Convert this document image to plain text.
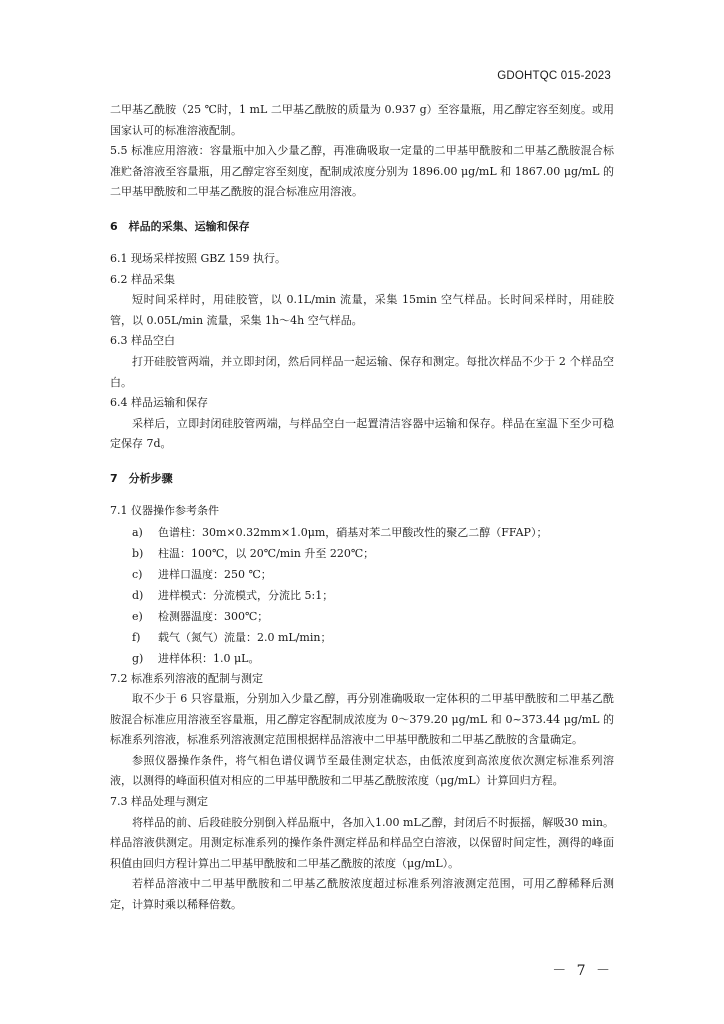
GDOHTQC 015-2023

二甲基乙酰胺（25 ℃时，1 mL 二甲基乙酰胺的质量为 0.937 g）至容量瓶，用乙醇定容至刻度。或用国家认可的标准溶液配制。

5.5 标准应用溶液：容量瓶中加入少量乙醇，再准确吸取一定量的二甲基甲酰胺和二甲基乙酰胺混合标准贮备溶液至容量瓶，用乙醇定容至刻度，配制成浓度分别为 1896.00 μg/mL 和 1867.00 μg/mL 的二甲基甲酰胺和二甲基乙酰胺的混合标准应用溶液。

6　样品的采集、运输和保存

6.1 现场采样按照 GBZ 159 执行。

6.2 样品采集

短时间采样时，用硅胶管，以 0.1L/min 流量，采集 15min 空气样品。长时间采样时，用硅胶管，以 0.05L/min 流量，采集 1h～4h 空气样品。

6.3 样品空白

打开硅胶管两端，并立即封闭，然后同样品一起运输、保存和测定。每批次样品不少于 2 个样品空白。

6.4 样品运输和保存

采样后，立即封闭硅胶管两端，与样品空白一起置清洁容器中运输和保存。样品在室温下至少可稳定保存 7d。

7　分析步骤

7.1 仪器操作参考条件

a)	色谱柱：30m×0.32mm×1.0μm，硝基对苯二甲酸改性的聚乙二醇（FFAP）；
b)	柱温：100℃，以 20℃/min 升至 220℃；
c)	进样口温度：250 ℃；
d)	进样模式：分流模式，分流比 5:1；
e)	检测器温度：300℃；
f)	载气（氮气）流量：2.0 mL/min；
g)	进样体积：1.0 μL。

7.2 标准系列溶液的配制与测定

取不少于 6 只容量瓶，分别加入少量乙醇，再分别准确吸取一定体积的二甲基甲酰胺和二甲基乙酰胺混合标准应用溶液至容量瓶，用乙醇定容配制成浓度为 0～379.20 μg/mL 和 0~373.44 μg/mL 的标准系列溶液，标准系列溶液测定范围根据样品溶液中二甲基甲酰胺和二甲基乙酰胺的含量确定。

参照仪器操作条件，将气相色谱仪调节至最佳测定状态，由低浓度到高浓度依次测定标准系列溶液，以测得的峰面积值对相应的二甲基甲酰胺和二甲基乙酰胺浓度（μg/mL）计算回归方程。

7.3 样品处理与测定

将样品的前、后段硅胶分别倒入样品瓶中，各加入1.00 mL乙醇，封闭后不时振摇，解吸30 min。样品溶液供测定。用测定标准系列的操作条件测定样品和样品空白溶液，以保留时间定性，测得的峰面积值由回归方程计算出二甲基甲酰胺和二甲基乙酰胺的浓度（μg/mL）。

若样品溶液中二甲基甲酰胺和二甲基乙酰胺浓度超过标准系列溶液测定范围，可用乙醇稀释后测定，计算时乘以稀释倍数。

－ 7 －
